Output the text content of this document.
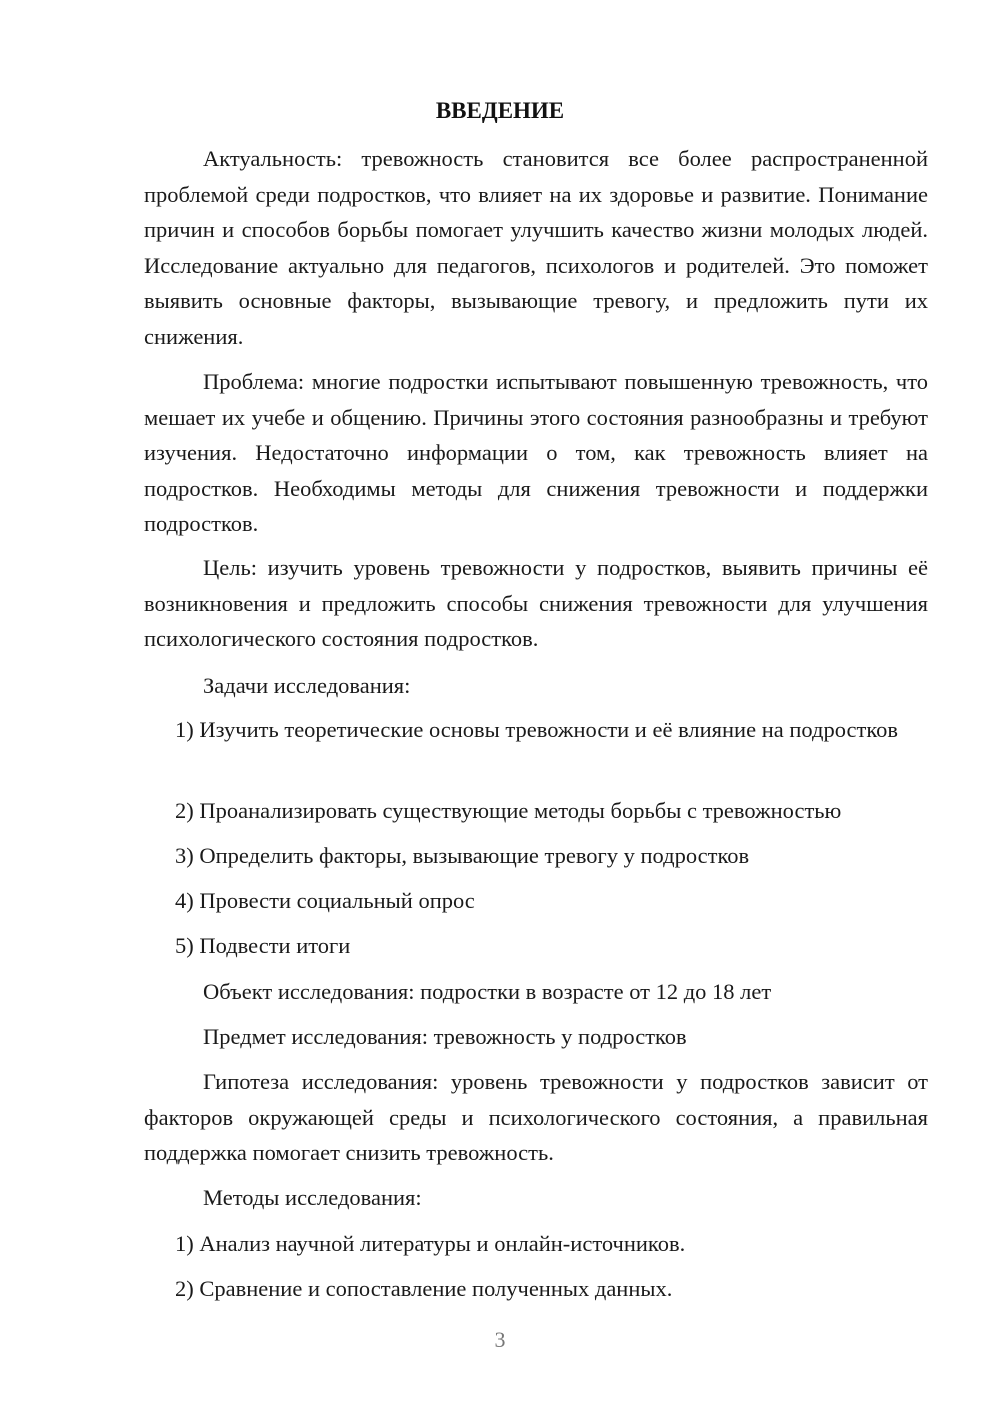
ВВЕДЕНИЕ

Актуальность: тревожность становится все более распространенной проблемой среди подростков, что влияет на их здоровье и развитие. Понимание причин и способов борьбы помогает улучшить качество жизни молодых людей. Исследование актуально для педагогов, психологов и родителей. Это поможет выявить основные факторы, вызывающие тревогу, и предложить пути их снижения.

Проблема: многие подростки испытывают повышенную тревожность, что мешает их учебе и общению. Причины этого состояния разнообразны и требуют изучения. Недостаточно информации о том, как тревожность влияет на подростков. Необходимы методы для снижения тревожности и поддержки подростков.

Цель: изучить уровень тревожности у подростков, выявить причины её возникновения и предложить способы снижения тревожности для улучшения психологического состояния подростков.

Задачи исследования:

1) Изучить теоретические основы тревожности и её влияние на подростков

2) Проанализировать существующие методы борьбы с тревожностью
3) Определить факторы, вызывающие тревогу у подростков
4) Провести социальный опрос
5) Подвести итоги
Объект исследования: подростки в возрасте от 12 до 18 лет
Предмет исследования: тревожность у подростков

Гипотеза исследования: уровень тревожности у подростков зависит от факторов окружающей среды и психологического состояния, а правильная поддержка помогает снизить тревожность.

Методы исследования:
1) Анализ научной литературы и онлайн-источников.
2) Сравнение и сопоставление полученных данных.
3
